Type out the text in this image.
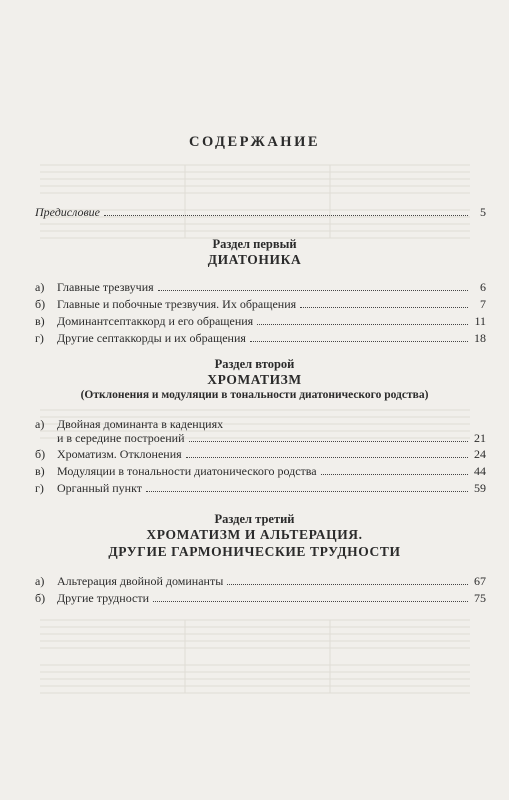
СОДЕРЖАНИЕ
Предисловие	5
Раздел первый
ДИАТОНИКА
а)	Главные трезвучия	6
б) Главные и побочные трезвучия. Их обращения	7
в)	Доминантсептаккорд и его обращения	11
г)	Другие септаккорды и их обращения	18
Раздел второй
ХРОМАТИЗМ
(Отклонения и модуляции в тональности диатонического родства)
а)	Двойная доминанта в каденциях
и в середине построений	21
б) Хроматизм. Отклонения	24
в)	Модуляции в тональности диатонического родства	44
г)	Органный пункт	59
Раздел третий
ХРОМАТИЗМ И АЛЬТЕРАЦИЯ.
ДРУГИЕ ГАРМОНИЧЕСКИЕ ТРУДНОСТИ
а)	Альтерация двойной доминанты	67
б) Другие трудности	75
